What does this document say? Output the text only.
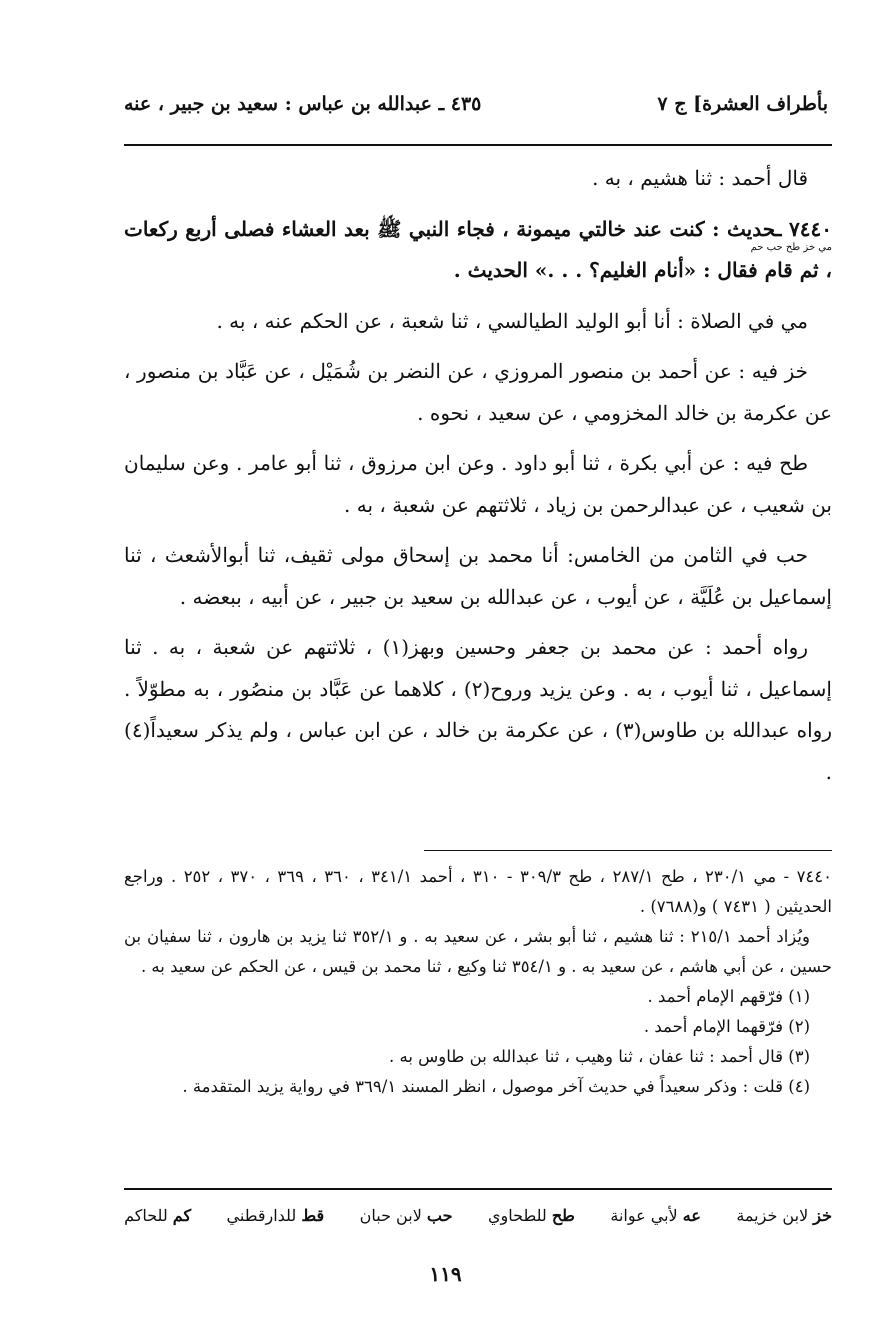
بأطراف العشرة] ج ٧
٤٣٥ ـ عبدالله بن عباس : سعيد بن جبير ، عنه

قال أحمد : ثنا هشيم ، به .

٧٤٤٠ ـحديث : كنت عند خالتي ميمونة ، فجاء النبي ﷺ بعد العشاء فصلى أربع ركعات ، ثم قام فقال : «أنام الغليم؟ . . .» الحديث .
مي خز طح حب حم

مي في الصلاة : أنا أبو الوليد الطيالسي ، ثنا شعبة ، عن الحكم عنه ، به .

خز فيه : عن أحمد بن منصور المروزي ، عن النضر بن شُمَيْل ، عن عَبَّاد بن منصور ، عن عكرمة بن خالد المخزومي ، عن سعيد ، نحوه .

طح فيه : عن أبي بكرة ، ثنا أبو داود . وعن ابن مرزوق ، ثنا أبو عامر . وعن سليمان بن شعيب ، عن عبدالرحمن بن زياد ، ثلاثتهم عن شعبة ، به .

حب في الثامن من الخامس: أنا محمد بن إسحاق مولى ثقيف، ثنا أبوالأشعث ، ثنا إسماعيل بن عُلَيَّة ، عن أيوب ، عن عبدالله بن سعيد بن جبير ، عن أبيه ، ببعضه .

رواه أحمد : عن محمد بن جعفر وحسين وبهز(١) ، ثلاثتهم عن شعبة ، به . ثنا إسماعيل ، ثنا أيوب ، به . وعن يزيد وروح(٢) ، كلاهما عن عَبَّاد بن منصُور ، به مطوّلاً . رواه عبدالله بن طاوس(٣) ، عن عكرمة بن خالد ، عن ابن عباس ، ولم يذكر سعيداً(٤) .

٧٤٤٠ - مي ٢٣٠/١ ، طح ٢٨٧/١ ، طح ٣٠٩/٣ - ٣١٠ ، أحمد ٣٤١/١ ، ٣٦٠ ، ٣٦٩ ، ٣٧٠ ، ٢٥٢ . وراجع الحديثين ( ٧٤٣١ ) و(٧٦٨٨) .

ويُزاد أحمد ٢١٥/١ : ثنا هشيم ، ثنا أبو بشر ، عن سعيد به . و ٣٥٢/١ ثنا يزيد بن هارون ، ثنا سفيان بن حسين ، عن أبي هاشم ، عن سعيد به . و ٣٥٤/١ ثنا وكيع ، ثنا محمد بن قيس ، عن الحكم عن سعيد به .

(١) فرّقهم الإمام أحمد .

(٢) فرّقهما الإمام أحمد .

(٣) قال أحمد : ثنا عفان ، ثنا وهيب ، ثنا عبدالله بن طاوس به .

(٤) قلت : وذكر سعيداً في حديث آخر موصول ، انظر المسند ٣٦٩/١ في رواية يزيد المتقدمة .

خز لابن خزيمة
عه لأبي عوانة
طح للطحاوي
حب لابن حبان
قط للدارقطني
كم للحاكم
١١٩
